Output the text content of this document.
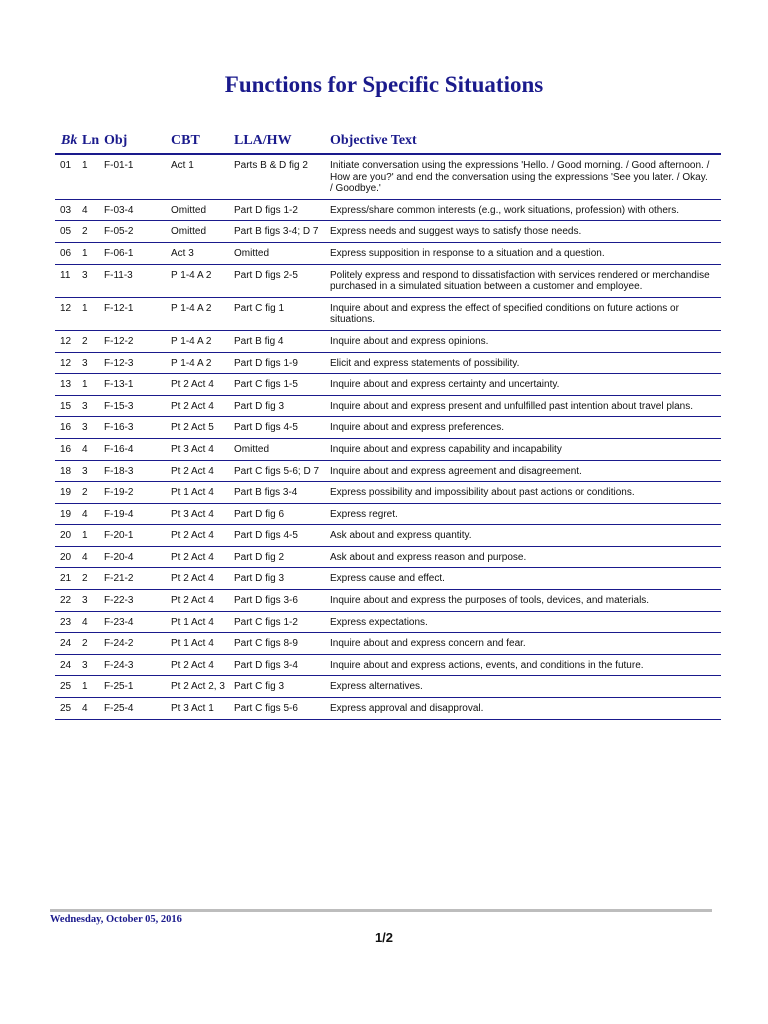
Functions for Specific Situations
Bk	Ln	Obj	CBT	LLA/HW	Objective Text
01	1	F-01-1	Act 1	Parts B & D fig 2	Initiate conversation using the expressions 'Hello. / Good morning. / Good afternoon. / How are you?' and end the conversation using the expressions 'See you later. / Okay. / Goodbye.'
03	4	F-03-4	Omitted	Part D figs 1-2	Express/share common interests (e.g., work situations, profession) with others.
05	2	F-05-2	Omitted	Part B figs 3-4; D 7	Express needs and suggest ways to satisfy those needs.
06	1	F-06-1	Act 3	Omitted	Express supposition in response to a situation and a question.
11	3	F-11-3	P 1-4 A 2	Part D figs 2-5	Politely express and respond to dissatisfaction with services rendered or merchandise purchased in a simulated situation between a customer and employee.
12	1	F-12-1	P 1-4 A 2	Part C fig 1	Inquire about and express the effect of specified conditions on future actions or situations.
12	2	F-12-2	P 1-4 A 2	Part B fig 4	Inquire about and express opinions.
12	3	F-12-3	P 1-4 A 2	Part D figs 1-9	Elicit and express statements of possibility.
13	1	F-13-1	Pt 2 Act 4	Part C figs 1-5	Inquire about and express certainty and uncertainty.
15	3	F-15-3	Pt 2 Act 4	Part D fig 3	Inquire about and express present and unfulfilled past intention about travel plans.
16	3	F-16-3	Pt 2 Act 5	Part D figs 4-5	Inquire about and express preferences.
16	4	F-16-4	Pt 3 Act 4	Omitted	Inquire about and express capability and incapability
18	3	F-18-3	Pt 2 Act 4	Part C figs 5-6; D 7	Inquire about and express agreement and disagreement.
19	2	F-19-2	Pt 1 Act 4	Part B figs 3-4	Express possibility and impossibility about past actions or conditions.
19	4	F-19-4	Pt 3 Act 4	Part D fig 6	Express regret.
20	1	F-20-1	Pt 2 Act 4	Part D figs 4-5	Ask about and express quantity.
20	4	F-20-4	Pt 2 Act 4	Part D fig 2	Ask about and express reason and purpose.
21	2	F-21-2	Pt 2 Act 4	Part D fig 3	Express cause and effect.
22	3	F-22-3	Pt 2 Act 4	Part D figs 3-6	Inquire about and express the purposes of tools, devices, and materials.
23	4	F-23-4	Pt 1 Act 4	Part C figs 1-2	Express expectations.
24	2	F-24-2	Pt 1 Act 4	Part C figs 8-9	Inquire about and express concern and fear.
24	3	F-24-3	Pt 2 Act 4	Part D figs 3-4	Inquire about and express actions, events, and conditions in the future.
25	1	F-25-1	Pt 2 Act 2, 3	Part C fig 3	Express alternatives.
25	4	F-25-4	Pt 3 Act 1	Part C figs 5-6	Express approval and disapproval.
Wednesday, October 05, 2016
1/2
